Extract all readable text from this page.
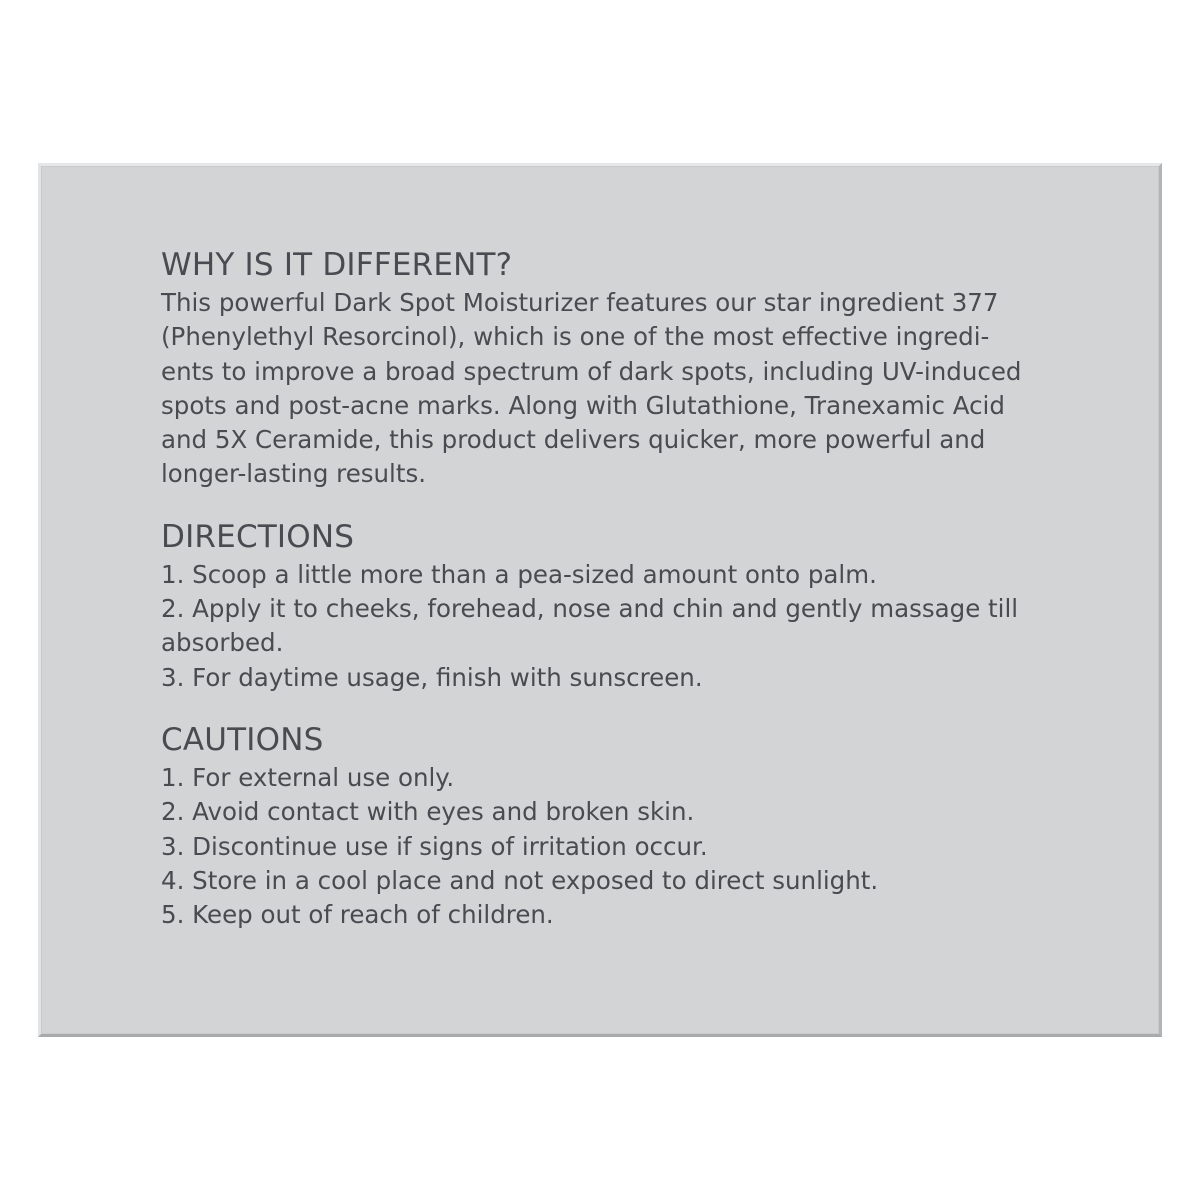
WHY IS IT DIFFERENT?

This powerful Dark Spot Moisturizer features our star ingredient 377
(Phenylethyl Resorcinol), which is one of the most effective ingredi-
ents to improve a broad spectrum of dark spots, including UV-induced
spots and post-acne marks. Along with Glutathione, Tranexamic Acid
and 5X Ceramide, this product delivers quicker, more powerful and
longer-lasting results.

DIRECTIONS
1. Scoop a little more than a pea-sized amount onto palm.
2. Apply it to cheeks, forehead, nose and chin and gently massage till
absorbed.
3. For daytime usage, finish with sunscreen.
CAUTIONS
1. For external use only.
2. Avoid contact with eyes and broken skin.
3. Discontinue use if signs of irritation occur.
4. Store in a cool place and not exposed to direct sunlight.
5. Keep out of reach of children.
